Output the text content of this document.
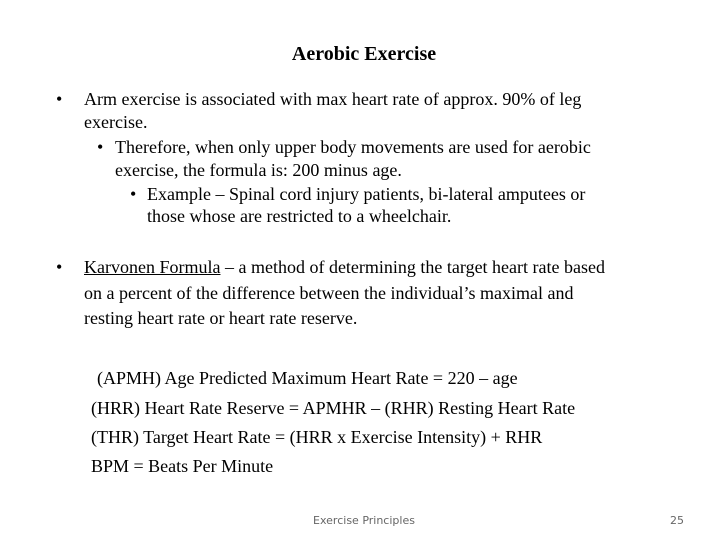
Aerobic Exercise
• Arm exercise is associated with max heart rate of approx. 90% of leg
exercise.
• Therefore, when only upper body movements are used for aerobic
exercise, the formula is: 200 minus age.
• Example – Spinal cord injury patients, bi-lateral amputees or
those whose are restricted to a wheelchair.
• Karvonen Formula – a method of determining the target heart rate based
on a percent of the difference between the individual’s maximal and
resting heart rate or heart rate reserve.
(APMH) Age Predicted Maximum Heart Rate = 220 – age
(HRR) Heart Rate Reserve = APMHR – (RHR) Resting Heart Rate
(THR) Target Heart Rate = (HRR x Exercise Intensity) + RHR
BPM = Beats Per Minute
Exercise Principles	25
